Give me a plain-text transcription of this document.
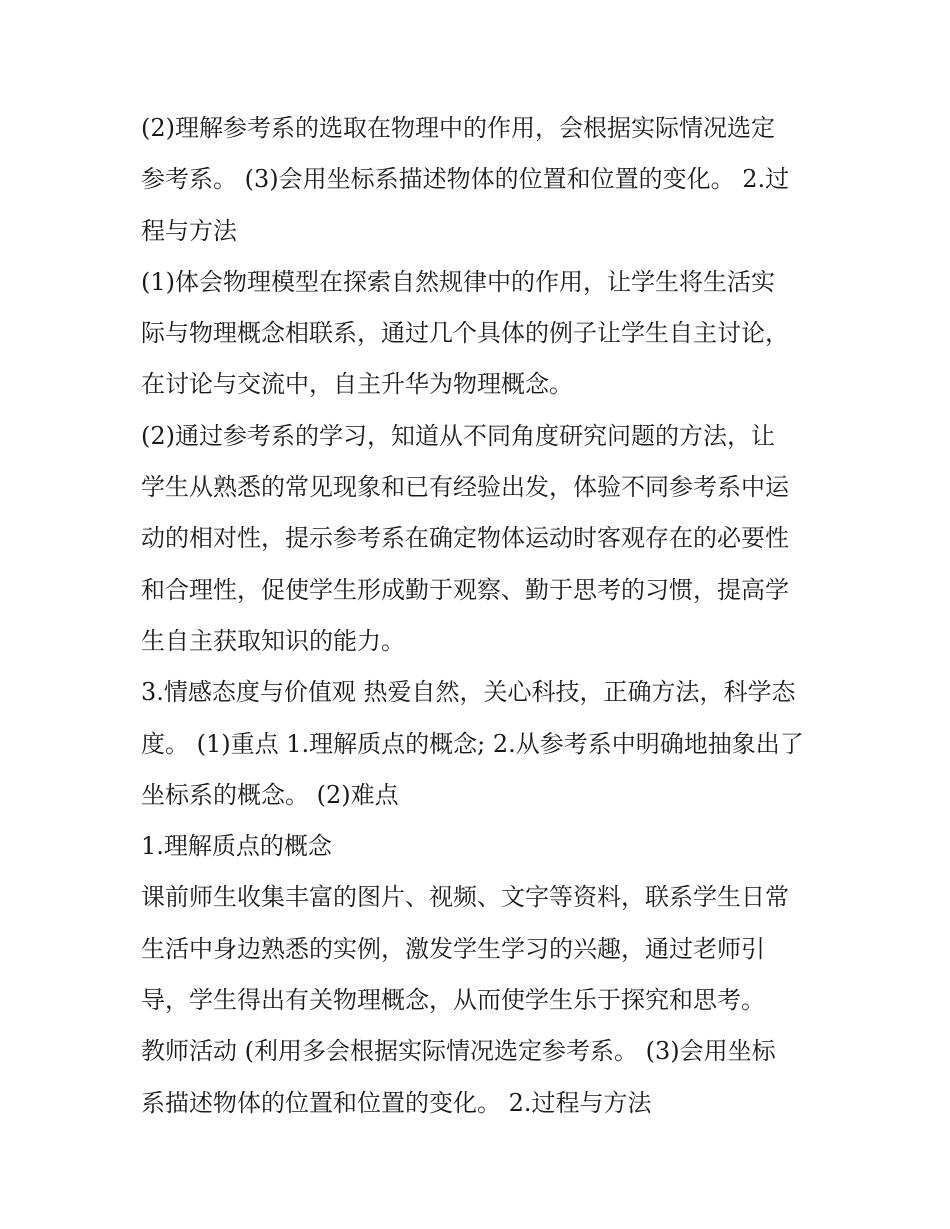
(2)理解参考系的选取在物理中的作用，会根据实际情况选定
参考系。 (3)会用坐标系描述物体的位置和位置的变化。 2.过
程与方法
(1)体会物理模型在探索自然规律中的作用，让学生将生活实
际与物理概念相联系，通过几个具体的例子让学生自主讨论，
在讨论与交流中，自主升华为物理概念。
(2)通过参考系的学习，知道从不同角度研究问题的方法，让
学生从熟悉的常见现象和已有经验出发，体验不同参考系中运
动的相对性，提示参考系在确定物体运动时客观存在的必要性
和合理性，促使学生形成勤于观察、勤于思考的习惯，提高学
生自主获取知识的能力。
3.情感态度与价值观 热爱自然，关心科技，正确方法，科学态
度。 (1)重点 1.理解质点的概念; 2.从参考系中明确地抽象出了
坐标系的概念。 (2)难点
1.理解质点的概念
课前师生收集丰富的图片、视频、文字等资料，联系学生日常
生活中身边熟悉的实例，激发学生学习的兴趣，通过老师引
导，学生得出有关物理概念，从而使学生乐于探究和思考。
教师活动 (利用多会根据实际情况选定参考系。 (3)会用坐标
系描述物体的位置和位置的变化。 2.过程与方法
